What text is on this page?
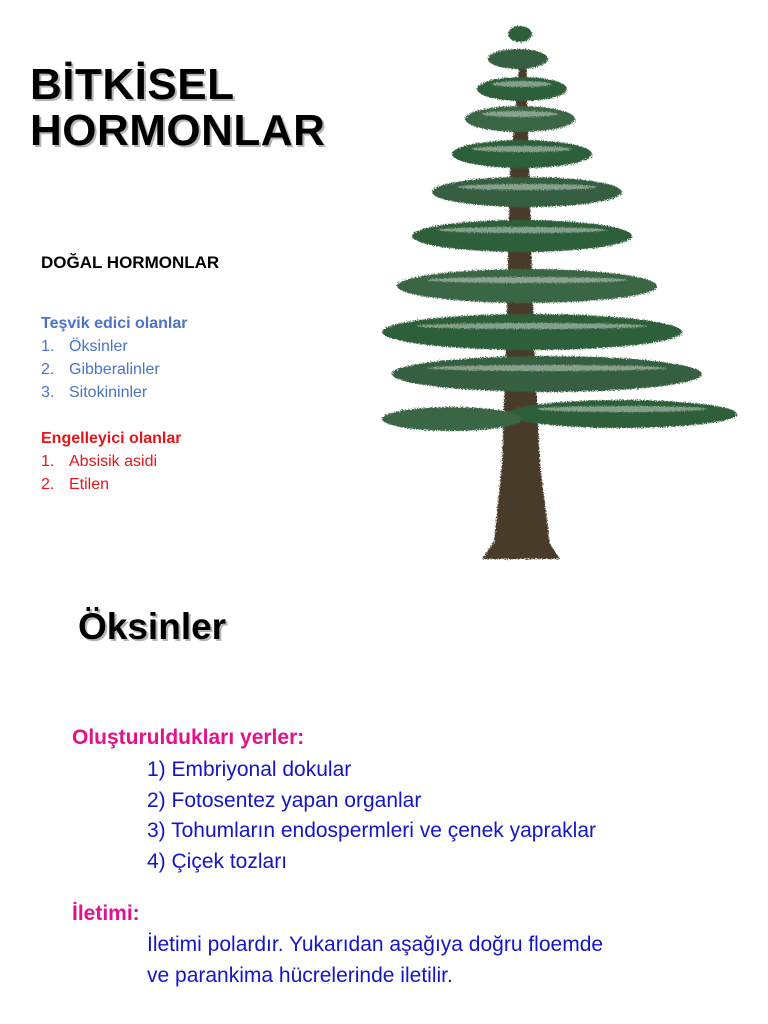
BİTKİSEL
HORMONLAR
DOĞAL HORMONLAR
Teşvik edici olanlar
1. Öksinler
2. Gibberalinler
3. Sitokininler
Engelleyici olanlar
1. Absisik asidi
2. Etilen
Öksinler
Oluşturuldukları yerler:
1) Embriyonal dokular
2) Fotosentez yapan organlar
3) Tohumların endospermleri ve çenek yapraklar
4) Çiçek tozları
İletimi:

İletimi polardır. Yukarıdan aşağıya doğru floemde
ve parankima hücrelerinde iletilir.
